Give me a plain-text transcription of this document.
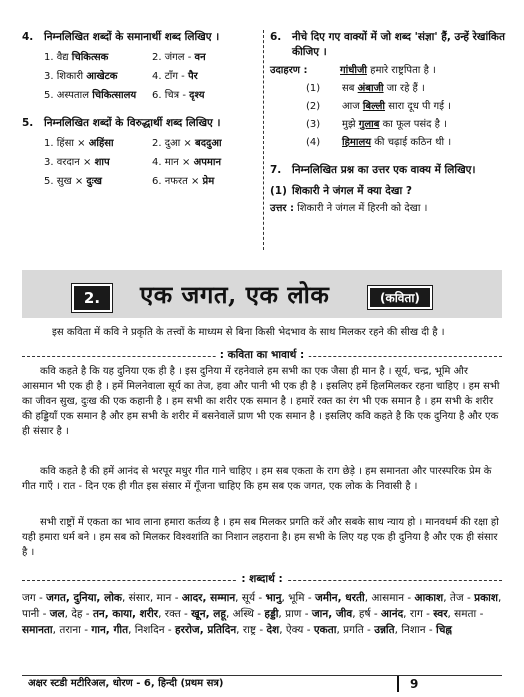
4.	निम्नलिखित शब्दों के समानार्थी शब्द लिखिए ।
1. वैद्य चिकित्सक	2. जंगल - वन
3. शिकारी आखेटक	4. टाँग - पैर
5. अस्पताल चिकित्सालय	6. चित्र - दृश्य
5.	निम्नलिखित शब्दों के विरुद्धार्थी शब्द लिखिए ।
1. हिंसा × अहिंसा	2. दुआ × बददुआ
3. वरदान × शाप	4. मान × अपमान
5. सुख × दुःख	6. नफरत × प्रेम
6.	नीचे दिए गए वाक्यों में जो शब्द 'संज्ञा' हैं, उन्हें रेखांकित कीजिए ।
उदाहरण :	गांधीजी हमारे राष्ट्रपिता है ।
(1)	सब अंबाजी जा रहे हैं ।
(2)	आज बिल्ली सारा दूध पी गई ।
(3)	मुझे गुलाब का फूल पसंद है ।
(4)	हिमालय की चढ़ाई कठिन थी ।
7.	निम्नलिखित प्रश्न का उत्तर एक वाक्य में लिखिए।
(1) शिकारी ने जंगल में क्या देखा ?
उत्तर : शिकारी ने जंगल में हिरनी को देखा ।
2.	एक जगत, एक लोक	(कविता)
इस कविता में कवि ने प्रकृति के तत्त्वों के माध्यम से बिना किसी भेदभाव के साथ मिलकर रहने की सीख दी है ।
: कविता का भावार्थ :
कवि कहते है कि यह दुनिया एक ही है । इस दुनिया में रहनेवाले हम सभी का एक जैसा ही मान है । सूर्य, चन्द्र, भूमि और आसमान भी एक ही है । हमें मिलनेवाला सूर्य का तेज, हवा और पानी भी एक ही है । इसलिए हमें हिलमिलकर रहना चाहिए । हम सभी का जीवन सुख, दुःख की एक कहानी है । हम सभी का शरीर एक समान है । हमारें रक्त का रंग भी एक समान है । हम सभी के शरीर की हड्डियाँ एक समान है और हम सभी के शरीर में बसनेवालें प्राण भी एक समान है । इसलिए कवि कहते है कि एक दुनिया है और एक ही संसार है ।
कवि कहते है की हमें आनंद से भरपूर मधुर गीत गाने चाहिए । हम सब एकता के राग छेड़े । हम समानता और पारस्परिक प्रेम के गीत गाएँ । रात - दिन एक ही गीत इस संसार में गूँजना चाहिए कि हम सब एक जगत, एक लोक के निवासी है ।
सभी राष्ट्रों में एकता का भाव लाना हमारा कर्तव्य है । हम सब मिलकर प्रगति करें और सबके साथ न्याय हो । मानवधर्म की रक्षा हो यही हमारा धर्म बने । हम सब को मिलकर विश्वशांति का निशान लहराना है। हम सभी के लिए यह एक ही दुनिया है और एक ही संसार है ।
: शब्दार्थ :
जग - जगत, दुनिया, लोक, संसार, मान - आदर, सम्मान, सूर्य - भानु, भूमि - जमीन, धरती, आसमान - आकाश, तेज - प्रकाश, पानी - जल, देह - तन, काया, शरीर, रक्त - खून, लहू, अस्थि - हड्डी, प्राण - जान, जीव, हर्ष - आनंद, राग - स्वर, समता - समानता, तराना - गान, गीत, निशदिन - हररोज, प्रतिदिन, राष्ट्र - देश, ऐक्य - एकता, प्रगति - उन्नति, निशान - चिह्न
अक्षर स्टडी मटीरिअल, धोरण - 6, हिन्दी (प्रथम सत्र)	9
